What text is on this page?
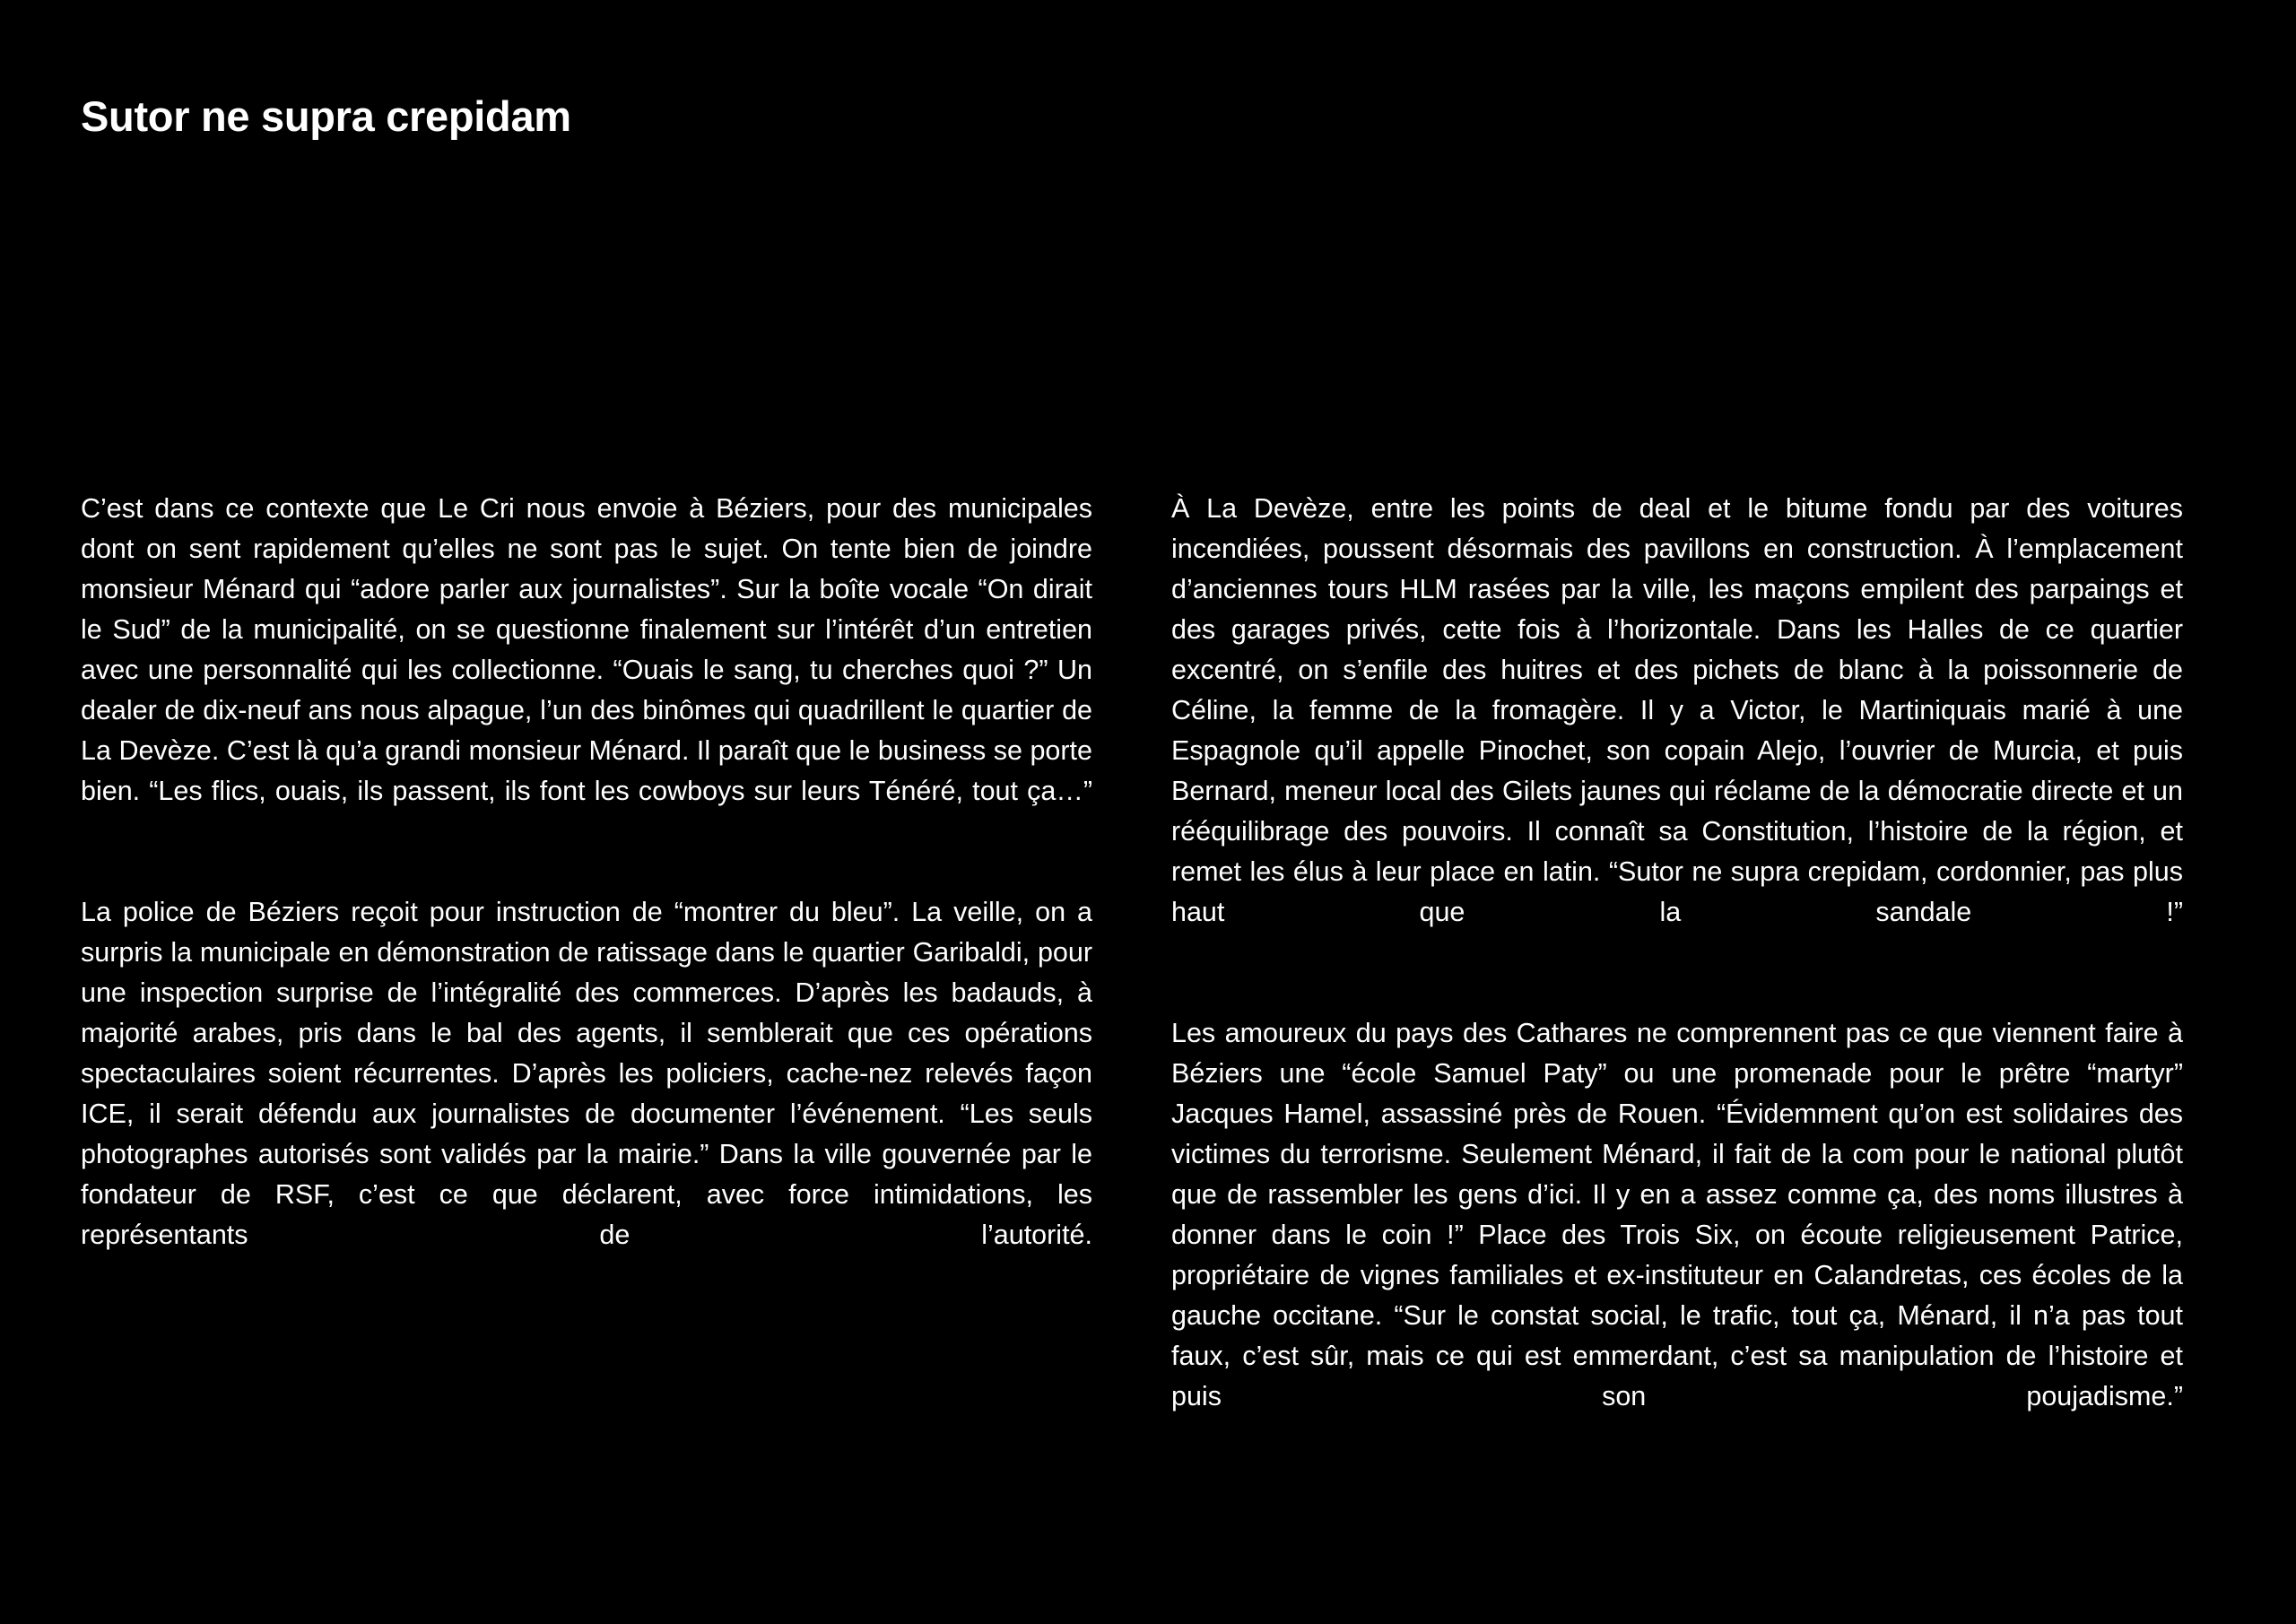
Sutor ne supra crepidam

C’est dans ce contexte que Le Cri nous envoie à Béziers, pour des municipales dont on sent rapidement qu’elles ne sont pas le sujet. On tente bien de joindre monsieur Ménard qui “adore parler aux journalistes”. Sur la boîte vocale “On dirait le Sud” de la municipalité, on se questionne finalement sur l’intérêt d’un entretien avec une personnalité qui les collectionne. “Ouais le sang, tu cherches quoi ?” Un dealer de dix-neuf ans nous alpague, l’un des binômes qui quadrillent le quartier de La Devèze. C’est là qu’a grandi monsieur Ménard. Il paraît que le business se porte bien. “Les flics, ouais, ils passent, ils font les cowboys sur leurs Ténéré, tout ça…”

La police de Béziers reçoit pour instruction de “montrer du bleu”. La veille, on a surpris la municipale en démonstration de ratissage dans le quartier Garibaldi, pour une inspection surprise de l’intégralité des commerces. D’après les badauds, à majorité arabes, pris dans le bal des agents, il semblerait que ces opérations spectaculaires soient récurrentes. D’après les policiers, cache-nez relevés façon ICE, il serait défendu aux journalistes de documenter l’événement. “Les seuls photographes autorisés sont validés par la mairie.” Dans la ville gouvernée par le fondateur de RSF, c’est ce que déclarent, avec force intimidations, les représentants de l’autorité.

À La Devèze, entre les points de deal et le bitume fondu par des voitures incendiées, poussent désormais des pavillons en construction. À l’emplacement d’anciennes tours HLM rasées par la ville, les maçons empilent des parpaings et des garages privés, cette fois à l’horizontale. Dans les Halles de ce quartier excentré, on s’enfile des huitres et des pichets de blanc à la poissonnerie de Céline, la femme de la fromagère. Il y a Victor, le Martiniquais marié à une Espagnole qu’il appelle Pinochet, son copain Alejo, l’ouvrier de Murcia, et puis Bernard, meneur local des Gilets jaunes qui réclame de la démocratie directe et un rééquilibrage des pouvoirs. Il connaît sa Constitution, l’histoire de la région, et remet les élus à leur place en latin. “Sutor ne supra crepidam, cordonnier, pas plus haut que la sandale !”

Les amoureux du pays des Cathares ne comprennent pas ce que viennent faire à Béziers une “école Samuel Paty” ou une promenade pour le prêtre “martyr” Jacques Hamel, assassiné près de Rouen. “Évidemment qu’on est solidaires des victimes du terrorisme. Seulement Ménard, il fait de la com pour le national plutôt que de rassembler les gens d’ici. Il y en a assez comme ça, des noms illustres à donner dans le coin !” Place des Trois Six, on écoute religieusement Patrice, propriétaire de vignes familiales et ex-instituteur en Calandretas, ces écoles de la gauche occitane. “Sur le constat social, le trafic, tout ça, Ménard, il n’a pas tout faux, c’est sûr, mais ce qui est emmerdant, c’est sa manipulation de l’histoire et puis son poujadisme.”
